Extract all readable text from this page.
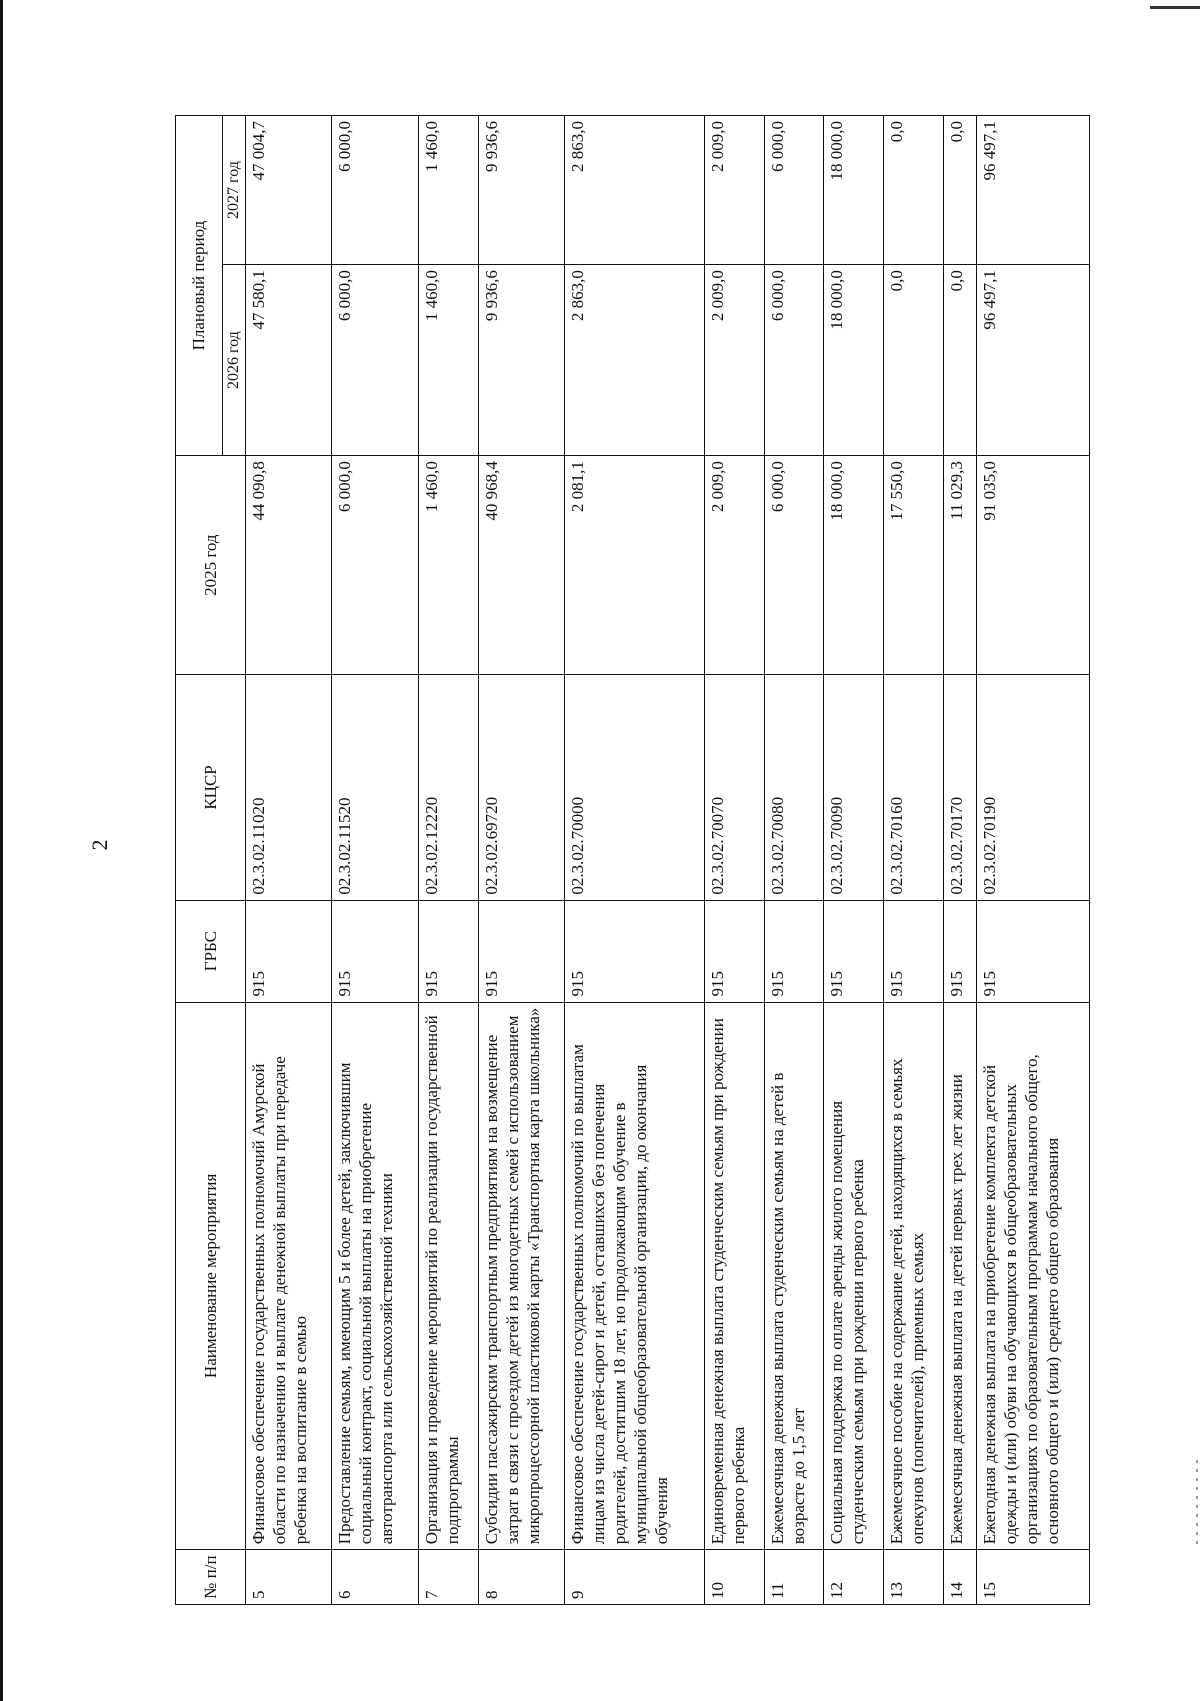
2
№ п/п	Наименование мероприятия	ГРБС	КЦСР	2025 год	Плановый период	
					2026 год	2027 год
5	Финансовое обеспечение государственных полномочий Амурской области по назначению и выплате денежной выплаты при передаче ребенка на воспитание в семью	915	02.3.02.11020	44 090,8	47 580,1	47 004,7
6	Предоставление семьям, имеющим 5 и более детей, заключившим социальный контракт, социальной выплаты на приобретение автотранспорта или сельскохозяйственной техники	915	02.3.02.11520	6 000,0	6 000,0	6 000,0
7	Организация и проведение мероприятий по реализации государственной подпрограммы	915	02.3.02.12220	1 460,0	1 460,0	1 460,0
8	Субсидии пассажирским транспортным предприятиям на возмещение затрат в связи с проездом детей из многодетных семей с использованием микропроцессорной пластиковой карты «Транспортная карта школьника»	915	02.3.02.69720	40 968,4	9 936,6	9 936,6
9	Финансовое обеспечение государственных полномочий по выплатам лицам из числа детей-сирот и детей, оставшихся без попечения родителей, достигшим 18 лет, но продолжающим обучение в муниципальной общеобразовательной организации, до окончания обучения	915	02.3.02.70000	2 081,1	2 863,0	2 863,0
10	Единовременная денежная выплата студенческим семьям при рождении первого ребенка	915	02.3.02.70070	2 009,0	2 009,0	2 009,0
11	Ежемесячная денежная выплата студенческим семьям на детей в возрасте до 1,5 лет	915	02.3.02.70080	6 000,0	6 000,0	6 000,0
12	Социальная поддержка по оплате аренды жилого помещения студенческим семьям при рождении первого ребенка	915	02.3.02.70090	18 000,0	18 000,0	18 000,0
13	Ежемесячное пособие на содержание детей, находящихся в семьях опекунов (попечителей), приемных семьях	915	02.3.02.70160	17 550,0	0,0	0,0
14	Ежемесячная денежная выплата на детей первых трех лет жизни	915	02.3.02.70170	11 029,3	0,0	0,0
15	Ежегодная денежная выплата на приобретение комплекта детской одежды и (или) обуви на обучающихся в общеобразовательных организациях по образовательным программам начального общего, основного общего и (или) среднего общего образования	915	02.3.02.70190	91 035,0	96 497,1	96 497,1
